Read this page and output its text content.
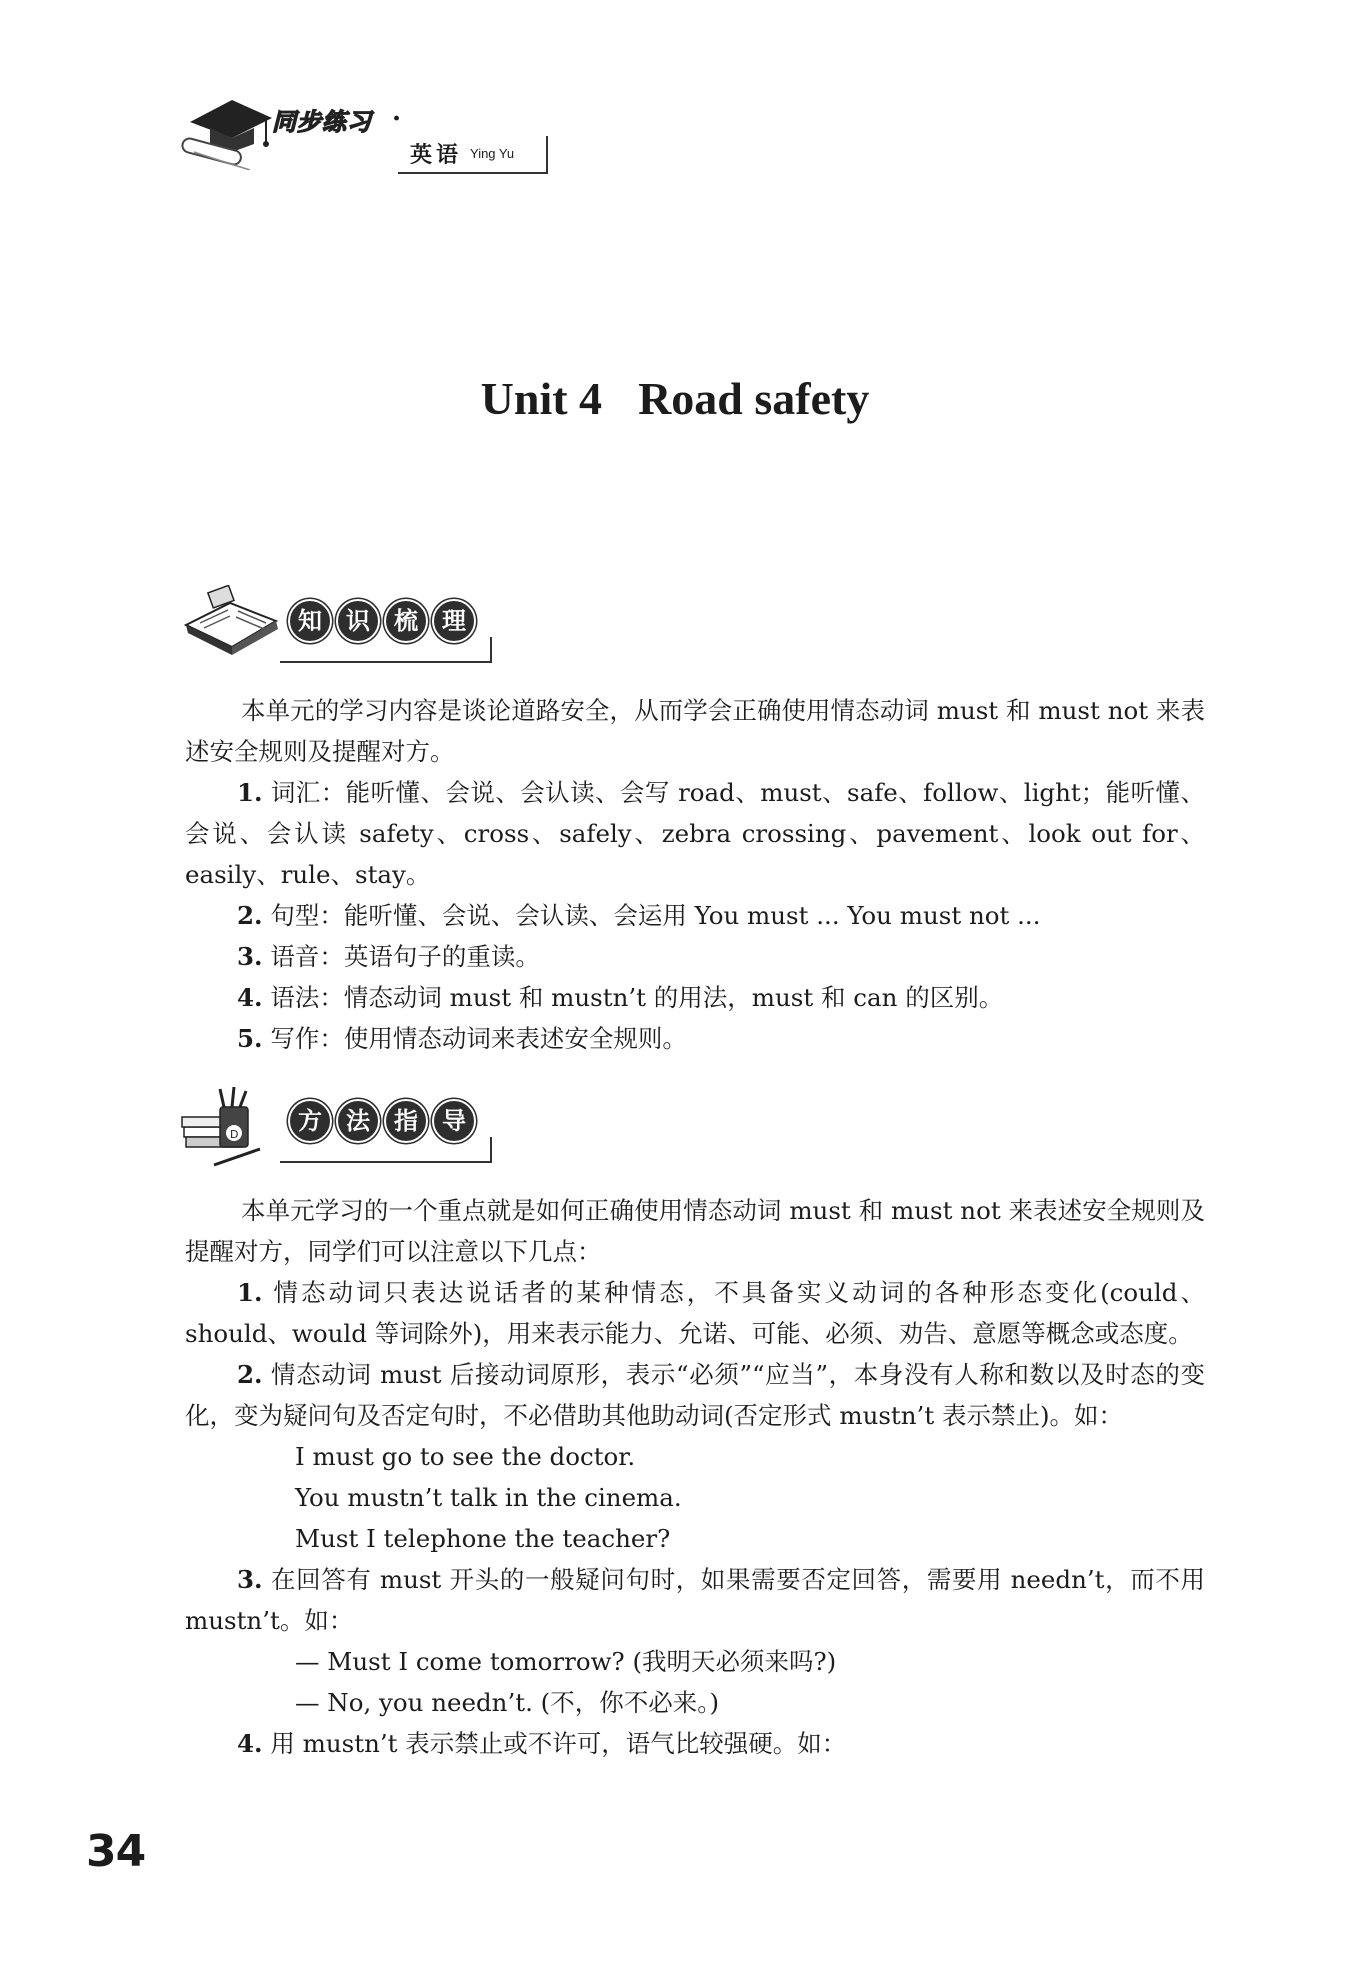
同步练习 ·
英语 Ying Yu
Unit 4 Road safety
知	识	梳	理

本单元的学习内容是谈论道路安全，从而学会正确使用情态动词 must 和 must not 来表述安全规则及提醒对方。

1. 词汇：能听懂、会说、会认读、会写 road、must、safe、follow、light；能听懂、会说、会认读 safety、cross、safely、zebra crossing、pavement、look out for、easily、rule、stay。

2. 句型：能听懂、会说、会认读、会运用 You must ... You must not ...

3. 语音：英语句子的重读。

4. 语法：情态动词 must 和 mustn’t 的用法，must 和 can 的区别。

5. 写作：使用情态动词来表述安全规则。

D	方	法	指	导

本单元学习的一个重点就是如何正确使用情态动词 must 和 must not 来表述安全规则及提醒对方，同学们可以注意以下几点：

1. 情态动词只表达说话者的某种情态，不具备实义动词的各种形态变化(could、should、would 等词除外)，用来表示能力、允诺、可能、必须、劝告、意愿等概念或态度。

2. 情态动词 must 后接动词原形，表示“必须”“应当”，本身没有人称和数以及时态的变化，变为疑问句及否定句时，不必借助其他助动词(否定形式 mustn’t 表示禁止)。如：

I must go to see the doctor.

You mustn’t talk in the cinema.

Must I telephone the teacher?

3. 在回答有 must 开头的一般疑问句时，如果需要否定回答，需要用 needn’t，而不用 mustn’t。如：

— Must I come tomorrow? (我明天必须来吗?)

— No, you needn’t. (不，你不必来。)

4. 用 mustn’t 表示禁止或不许可，语气比较强硬。如：

34
